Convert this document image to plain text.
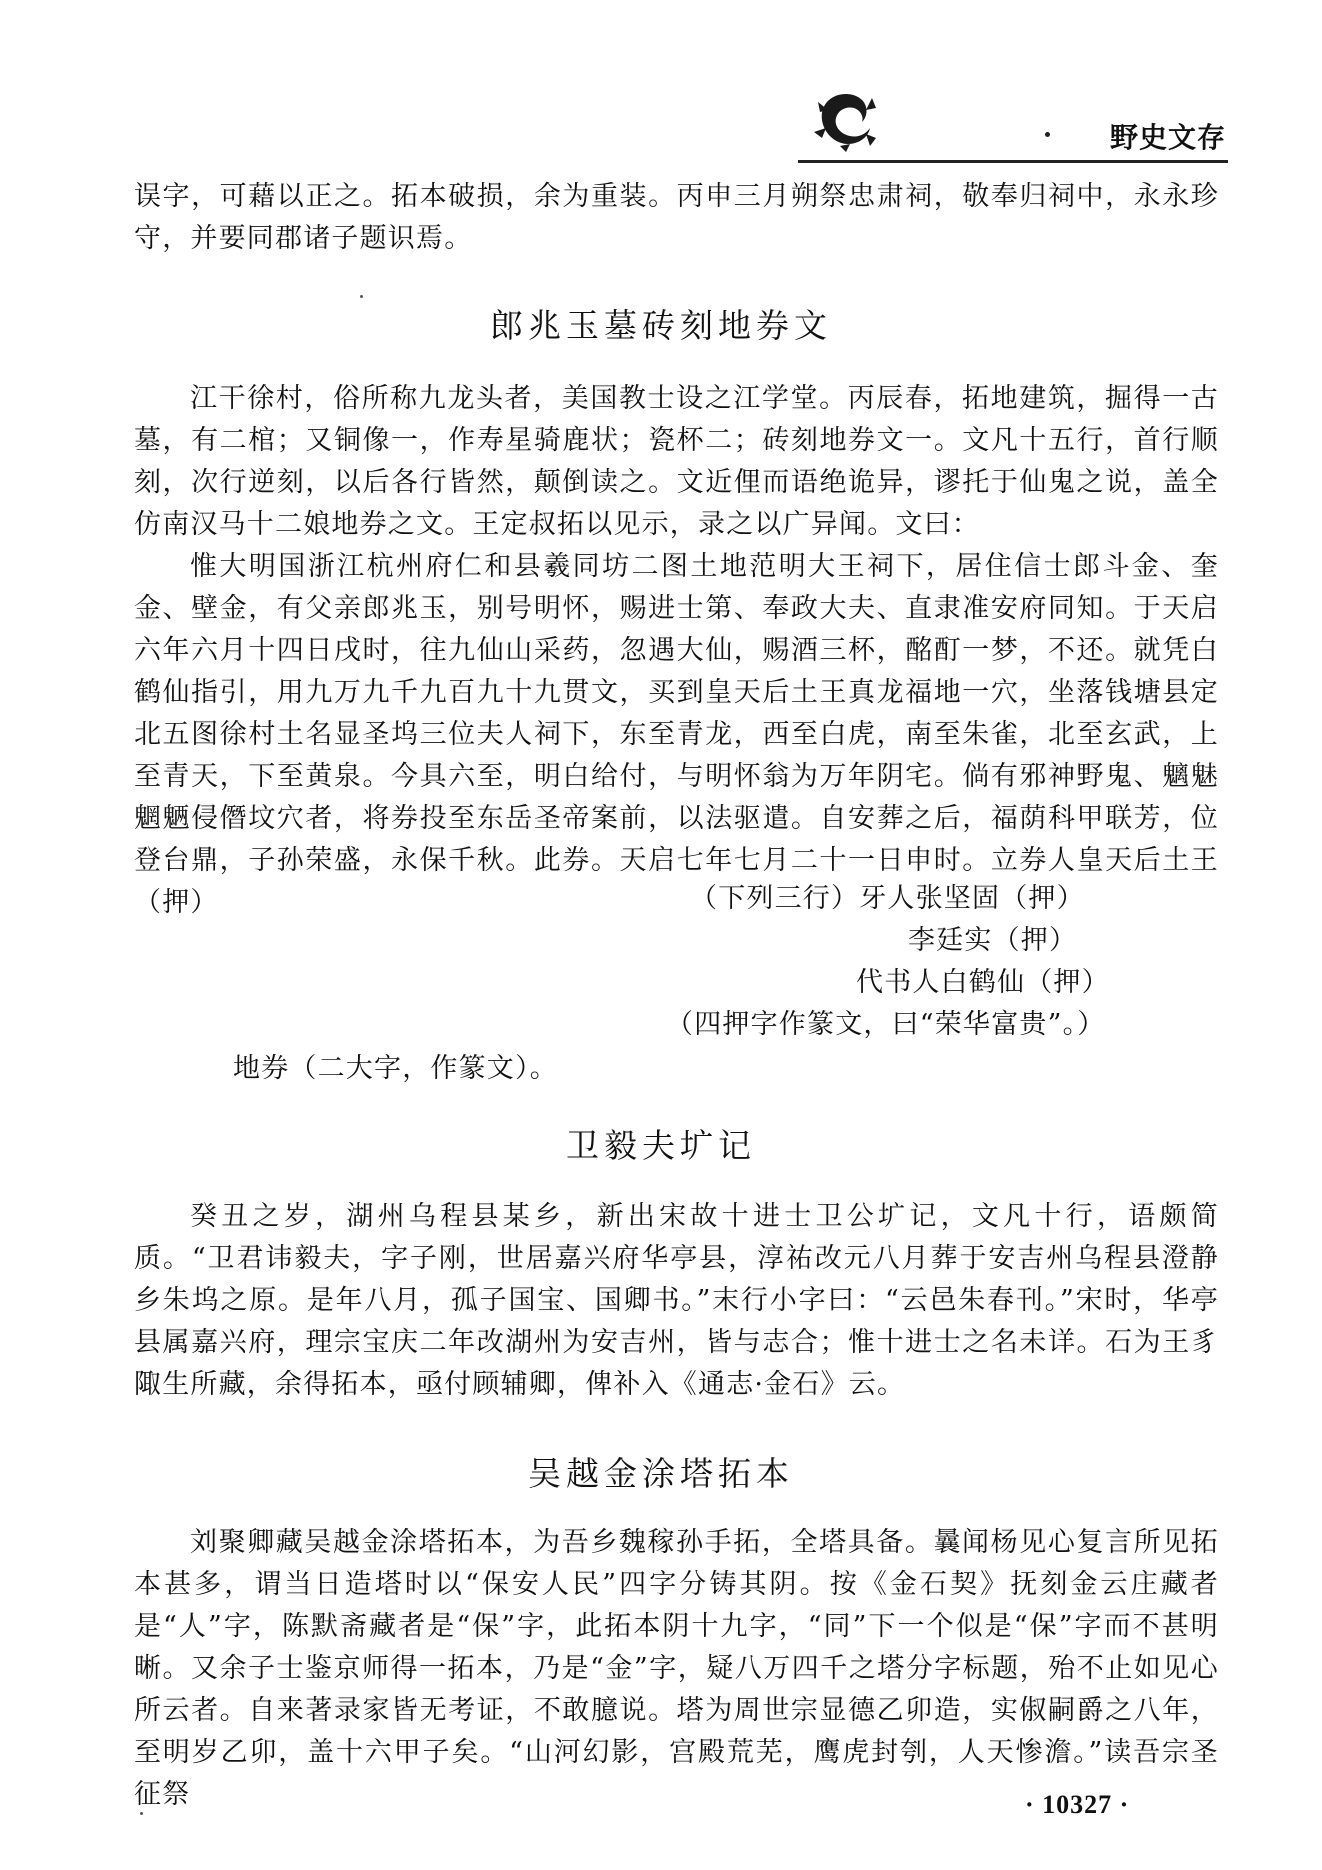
野史文存

误字，可藉以正之。拓本破损，余为重装。丙申三月朔祭忠肃祠，敬奉归祠中，永永珍守，并要同郡诸子题识焉。

郎兆玉墓砖刻地券文

江干徐村，俗所称九龙头者，美国教士设之江学堂。丙辰春，拓地建筑，掘得一古墓，有二棺；又铜像一，作寿星骑鹿状；瓷杯二；砖刻地券文一。文凡十五行，首行顺刻，次行逆刻，以后各行皆然，颠倒读之。文近俚而语绝诡异，谬托于仙鬼之说，盖全仿南汉马十二娘地券之文。王定叔拓以见示，录之以广异闻。文曰：

惟大明国浙江杭州府仁和县羲同坊二图土地范明大王祠下，居住信士郎斗金、奎金、壁金，有父亲郎兆玉，别号明怀，赐进士第、奉政大夫、直隶准安府同知。于天启六年六月十四日戌时，往九仙山采药，忽遇大仙，赐酒三杯，酩酊一梦，不还。就凭白鹤仙指引，用九万九千九百九十九贯文，买到皇天后土王真龙福地一穴，坐落钱塘县定北五图徐村土名显圣坞三位夫人祠下，东至青龙，西至白虎，南至朱雀，北至玄武，上至青天，下至黄泉。今具六至，明白给付，与明怀翁为万年阴宅。倘有邪神野鬼、魑魅魍魉侵僭坟穴者，将券投至东岳圣帝案前，以法驱遣。自安葬之后，福荫科甲联芳，位登台鼎，子孙荣盛，永保千秋。此券。天启七年七月二十一日申时。立券人皇天后土王（押）	（下列三行）牙人张坚固（押）
李廷实（押）
代书人白鹤仙（押）
（四押字作篆文，曰“荣华富贵”。）
地券（二大字，作篆文）。
卫毅夫圹记

癸丑之岁，湖州乌程县某乡，新出宋故十进士卫公圹记，文凡十行，语颇简质。“卫君讳毅夫，字子刚，世居嘉兴府华亭县，淳祐改元八月葬于安吉州乌程县澄静乡朱坞之原。是年八月，孤子国宝、国卿书。”末行小字曰：“云邑朱春刊。”宋时，华亭县属嘉兴府，理宗宝庆二年改湖州为安吉州，皆与志合；惟十进士之名未详。石为王豸陬生所藏，余得拓本，亟付顾辅卿，俾补入《通志·金石》云。

吴越金涂塔拓本

刘聚卿藏吴越金涂塔拓本，为吾乡魏稼孙手拓，全塔具备。曩闻杨见心复言所见拓本甚多，谓当日造塔时以“保安人民”四字分铸其阴。按《金石契》抚刻金云庄藏者是“人”字，陈默斋藏者是“保”字，此拓本阴十九字，“同”下一个似是“保”字而不甚明晰。又余子士鉴京师得一拓本，乃是“金”字，疑八万四千之塔分字标题，殆不止如见心所云者。自来著录家皆无考证，不敢臆说。塔为周世宗显德乙卯造，实俶嗣爵之八年，至明岁乙卯，盖十六甲子矣。“山河幻影，宫殿荒芜，鹰虎封刳，人天惨澹。”读吾宗圣征祭	· 10327 ·
